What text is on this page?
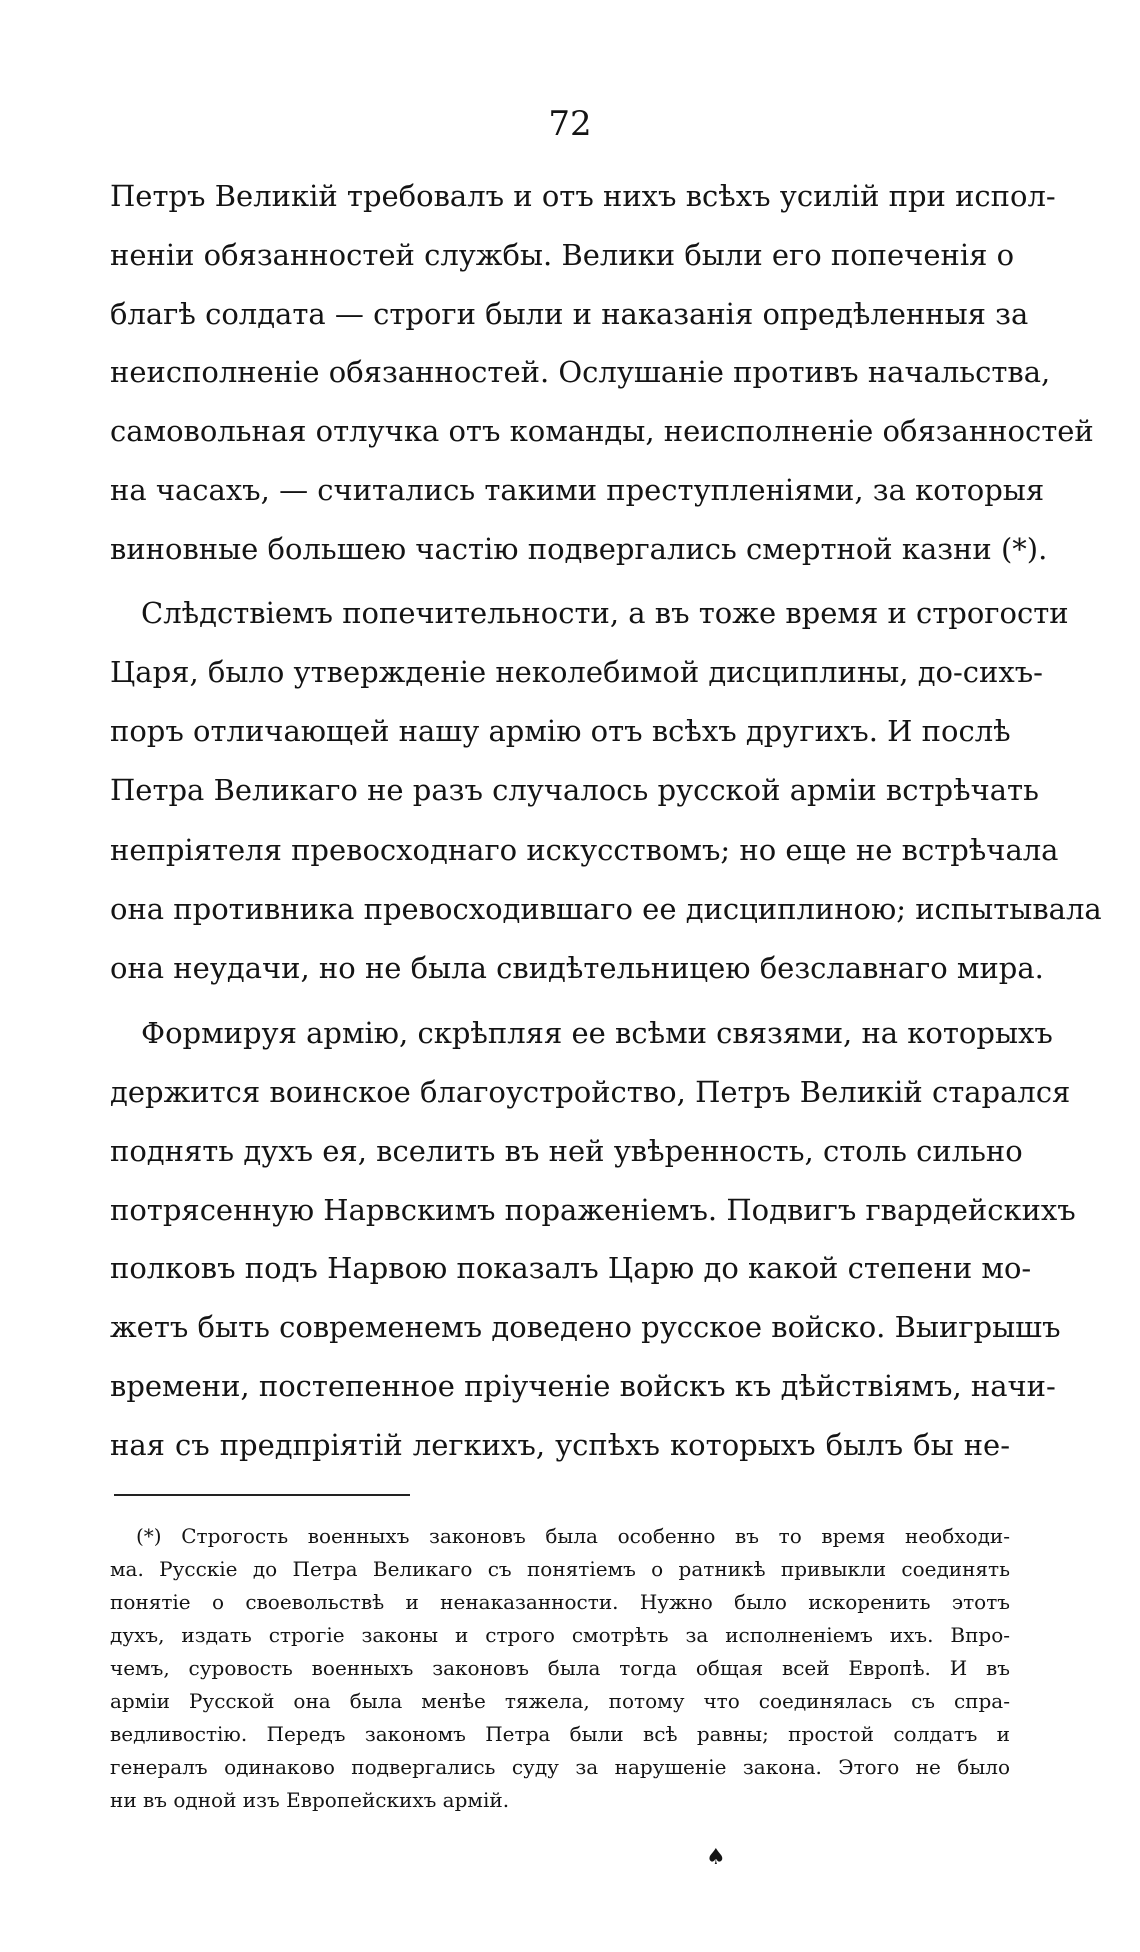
72
Петръ Великій требовалъ и отъ нихъ всѣхъ усилій при испол-
неніи обязанностей службы. Велики были его попеченія о
благѣ солдата — строги были и наказанія опредѣленныя за
неисполненіе обязанностей. Ослушаніе противъ начальства,
самовольная отлучка отъ команды, неисполненіе обязанностей
на часахъ, — считались такими преступленіями, за которыя
виновные большею частію подвергались смертной казни (*).
Слѣдствіемъ попечительности, а въ тоже время и строгости
Царя, было утвержденіе неколебимой дисциплины, до-сихъ-
поръ отличающей нашу армію отъ всѣхъ другихъ. И послѣ
Петра Великаго не разъ случалось русской арміи встрѣчать
непріятеля превосходнаго искусствомъ; но еще не встрѣчала
она противника превосходившаго ее дисциплиною; испытывала
она неудачи, но не была свидѣтельницею безславнаго мира.
Формируя армію, скрѣпляя ее всѣми связями, на которыхъ
держится воинское благоустройство, Петръ Великій старался
поднять духъ ея, вселить въ ней увѣренность, столь сильно
потрясенную Нарвскимъ пораженіемъ. Подвигъ гвардейскихъ
полковъ подъ Нарвою показалъ Царю до какой степени мо-
жетъ быть современемъ доведено русское войско. Выигрышъ
времени, постепенное пріученіе войскъ къ дѣйствіямъ, начи-
ная съ предпріятій легкихъ, успѣхъ которыхъ былъ бы не-
(*) Строгость военныхъ законовъ была особенно въ то время необходи-
ма. Русскіе до Петра Великаго съ понятіемъ о ратникѣ привыкли соединять
понятіе о своевольствѣ и ненаказанности. Нужно было искоренить этотъ
духъ, издать строгіе законы и строго смотрѣть за исполненіемъ ихъ. Впро-
чемъ, суровость военныхъ законовъ была тогда общая всей Европѣ. И въ
арміи Русской она была менѣе тяжела, потому что соединялась съ спра-
ведливостію. Передъ закономъ Петра были всѣ равны; простой солдатъ и
генералъ одинаково подвергались суду за нарушеніе закона. Этого не было
ни въ одной изъ Европейскихъ армій.
♠
